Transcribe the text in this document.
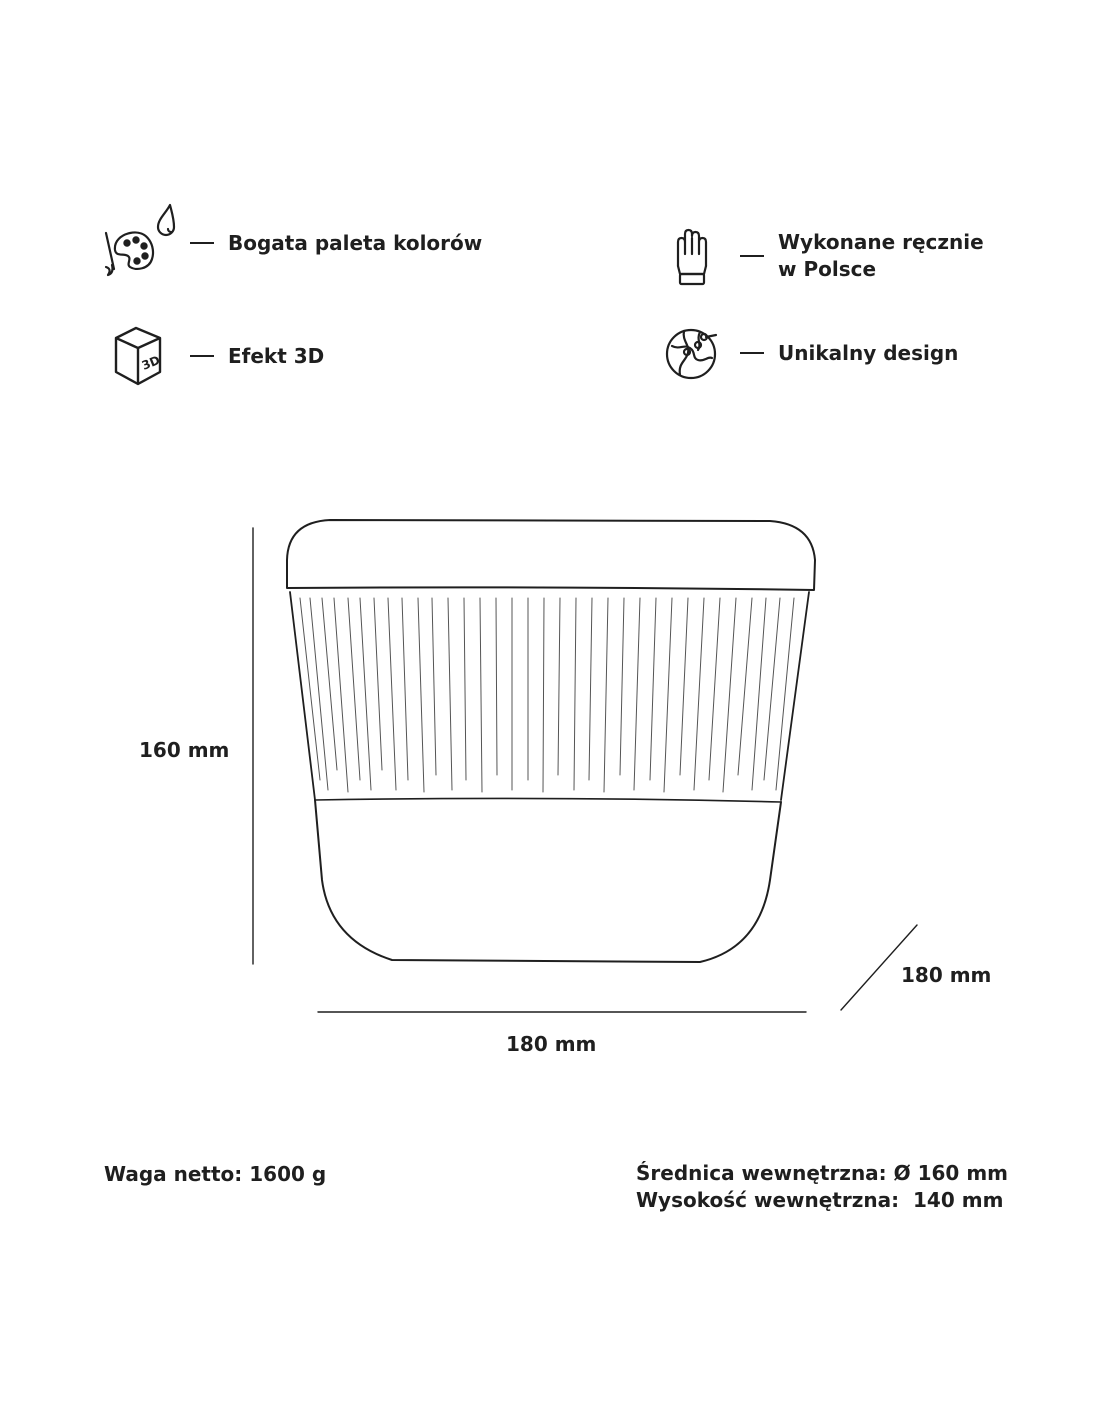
Bogata paleta kolorów	Wykonane ręcznie
w Polsce
3D	Efekt 3D	Unikalny design
160 mm
180 mm
180 mm
Waga netto: 1600 g	Średnica wewnętrzna: Ø 160 mm
Wysokość wewnętrzna:  140 mm
